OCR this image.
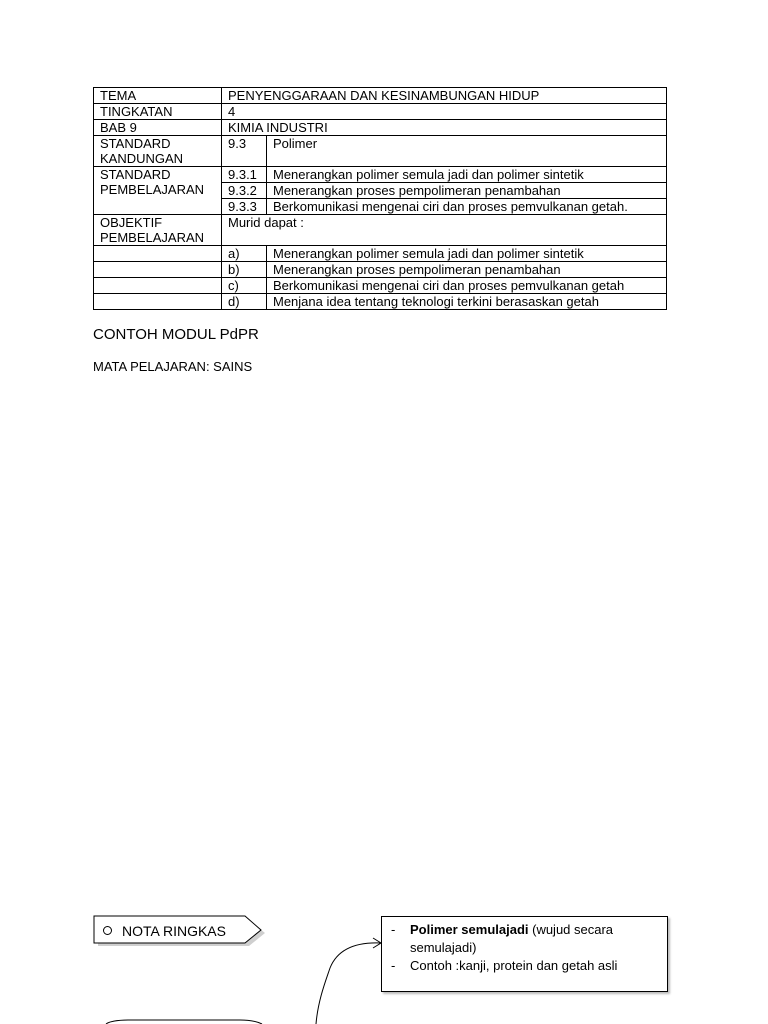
TEMA	PENYENGGARAAN DAN KESINAMBUNGAN HIDUP	
TINGKATAN	4	
BAB 9	KIMIA INDUSTRI	
STANDARD KANDUNGAN	9.3	Polimer
STANDARD PEMBELAJARAN	9.3.1	Menerangkan polimer semula jadi dan polimer sintetik
	9.3.2	Menerangkan proses pempolimeran penambahan
	9.3.3	Berkomunikasi mengenai ciri dan proses pemvulkanan getah.
OBJEKTIF PEMBELAJARAN	Murid dapat :	
	a)	Menerangkan polimer semula jadi dan polimer sintetik
	b)	Menerangkan proses pempolimeran penambahan
	c)	Berkomunikasi mengenai ciri dan proses pemvulkanan getah
	d)	Menjana idea tentang teknologi terkini berasaskan getah
CONTOH MODUL PdPR
MATA PELAJARAN: SAINS
NOTA RINGKAS	- Polimer semulajadi (wujud secara semulajadi)
- Contoh :kanji, protein dan getah asli
